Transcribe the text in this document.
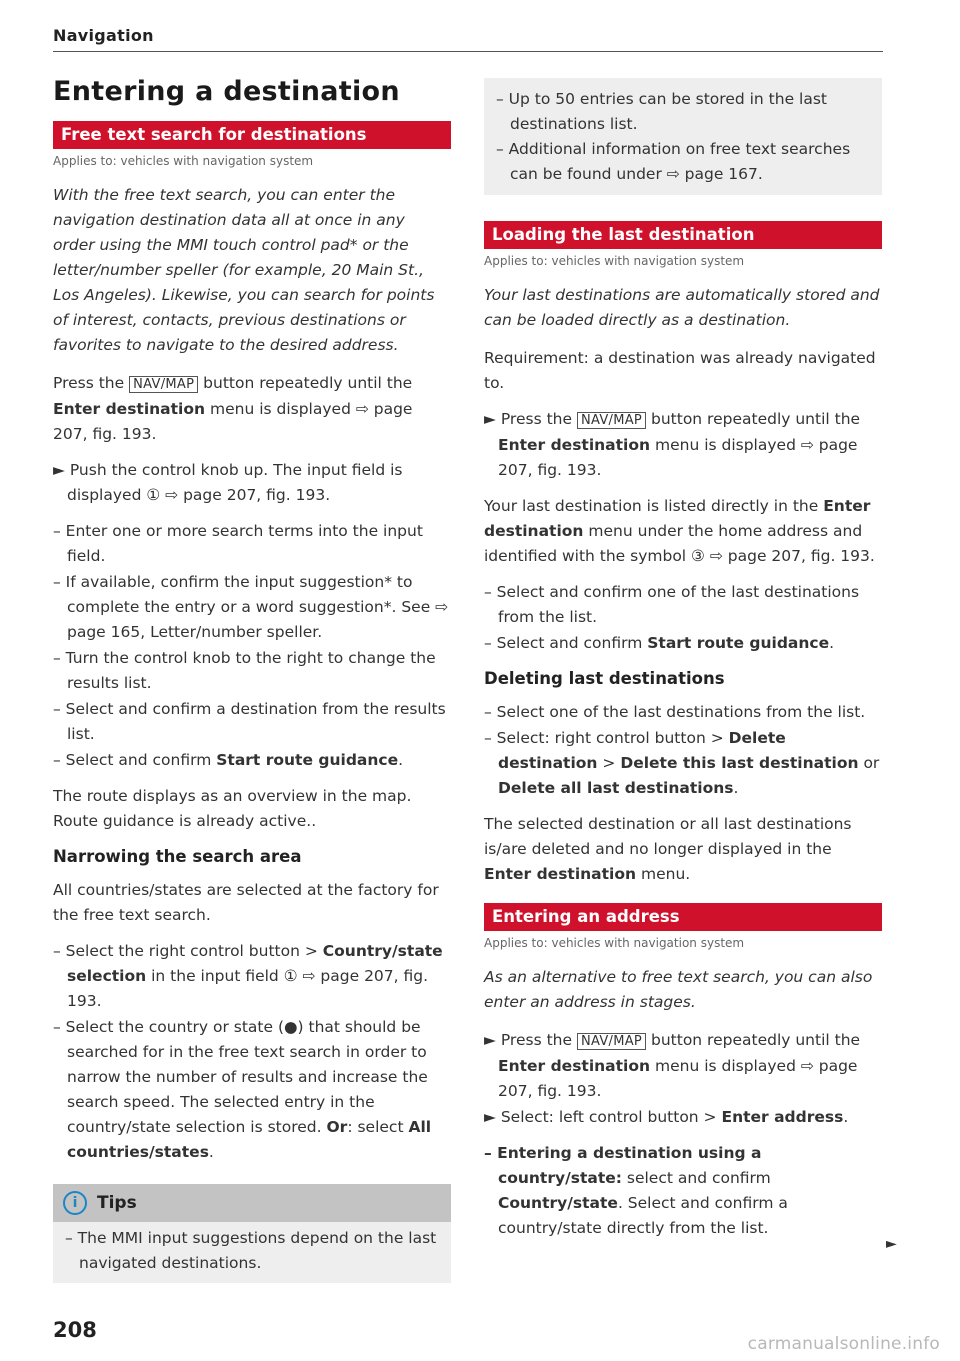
Navigation
Entering a destination
Free text search for destinations
Applies to: vehicles with navigation system
With the free text search, you can enter the navigation destination data all at once in any order using the MMI touch control pad* or the letter/number speller (for example, 20 Main St., Los Angeles). Likewise, you can search for points of interest, contacts, previous destinations or favorites to navigate to the desired address.
Press the NAV/MAP button repeatedly until the Enter destination menu is displayed ⇨ page 207, fig. 193.
► Push the control knob up. The input field is displayed ① ⇨ page 207, fig. 193.
– Enter one or more search terms into the input field.
– If available, confirm the input suggestion* to complete the entry or a word suggestion*. See ⇨ page 165, Letter/number speller.
– Turn the control knob to the right to change the results list.
– Select and confirm a destination from the results list.
– Select and confirm Start route guidance.
The route displays as an overview in the map. Route guidance is already active..
Narrowing the search area
All countries/states are selected at the factory for the free text search.
– Select the right control button > Country/state selection in the input field ① ⇨ page 207, fig. 193.
– Select the country or state (●) that should be searched for in the free text search in order to narrow the number of results and increase the search speed. The selected entry in the country/state selection is stored. Or: select All countries/states.
i Tips
– The MMI input suggestions depend on the last navigated destinations.
– Up to 50 entries can be stored in the last destinations list.
– Additional information on free text searches can be found under ⇨ page 167.
Loading the last destination
Applies to: vehicles with navigation system
Your last destinations are automatically stored and can be loaded directly as a destination.
Requirement: a destination was already navigated to.
► Press the NAV/MAP button repeatedly until the Enter destination menu is displayed ⇨ page 207, fig. 193.
Your last destination is listed directly in the Enter destination menu under the home address and identified with the symbol ③ ⇨ page 207, fig. 193.
– Select and confirm one of the last destinations from the list.
– Select and confirm Start route guidance.
Deleting last destinations
– Select one of the last destinations from the list.
– Select: right control button > Delete destination > Delete this last destination or Delete all last destinations.
The selected destination or all last destinations is/are deleted and no longer displayed in the Enter destination menu.
Entering an address
Applies to: vehicles with navigation system
As an alternative to free text search, you can also enter an address in stages.
► Press the NAV/MAP button repeatedly until the Enter destination menu is displayed ⇨ page 207, fig. 193.
► Select: left control button > Enter address.
– Entering a destination using a country/state: select and confirm Country/state. Select and confirm a country/state directly from the list.
►
208
carmanualsonline.info
